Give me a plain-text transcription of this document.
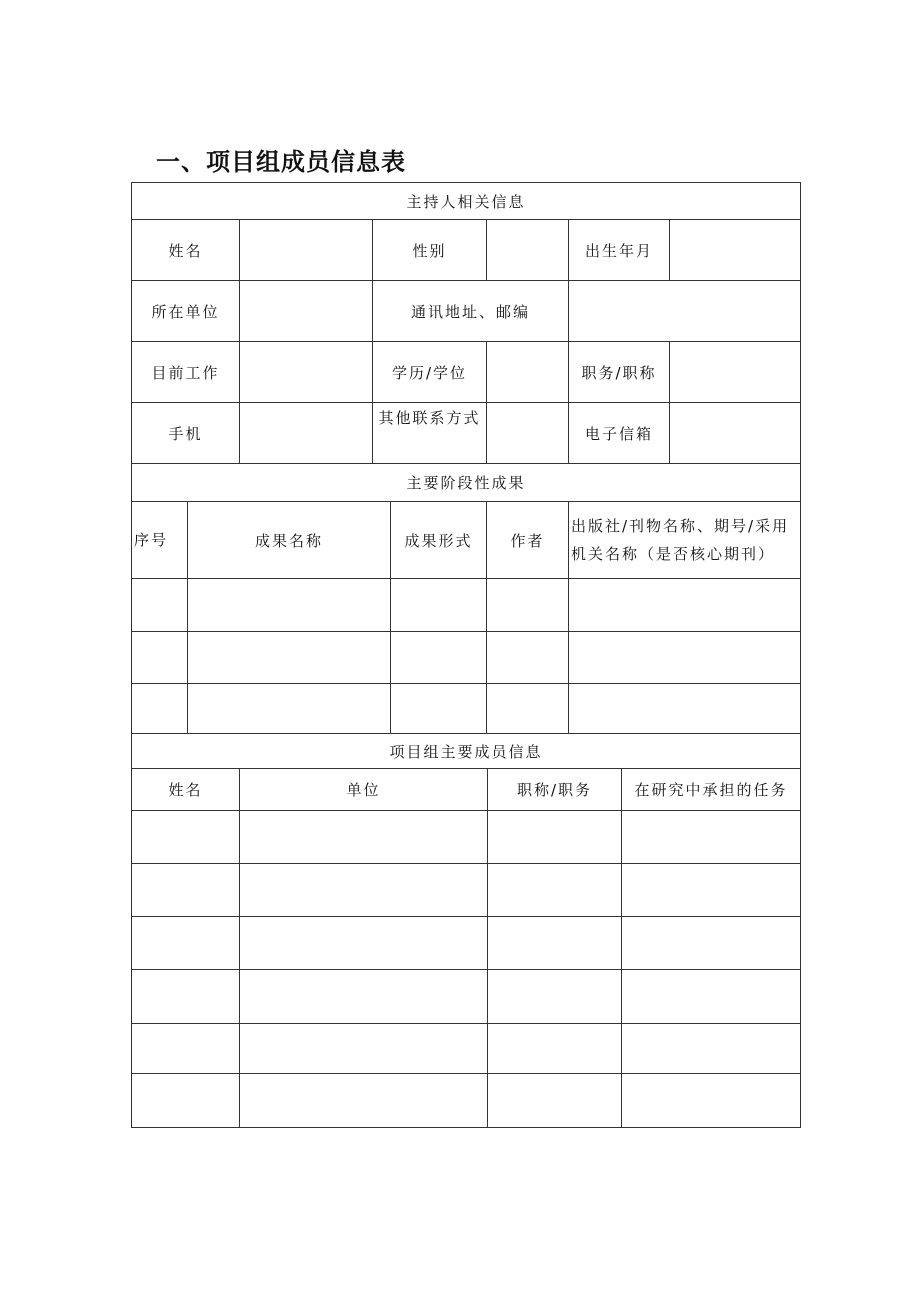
一、项目组成员信息表
主持人相关信息					
姓名		性别		出生年月	
所在单位		通讯地址、邮编			
目前工作		学历/学位		职务/职称	
手机		其他联系方式		电子信箱	
主要阶段性成果				
序号	成果名称	成果形式	作者	出版社/刊物名称、期号/采用机关名称（是否核心期刊）

项目组主要成员信息			
姓名	单位	职称/职务	在研究中承担的任务
